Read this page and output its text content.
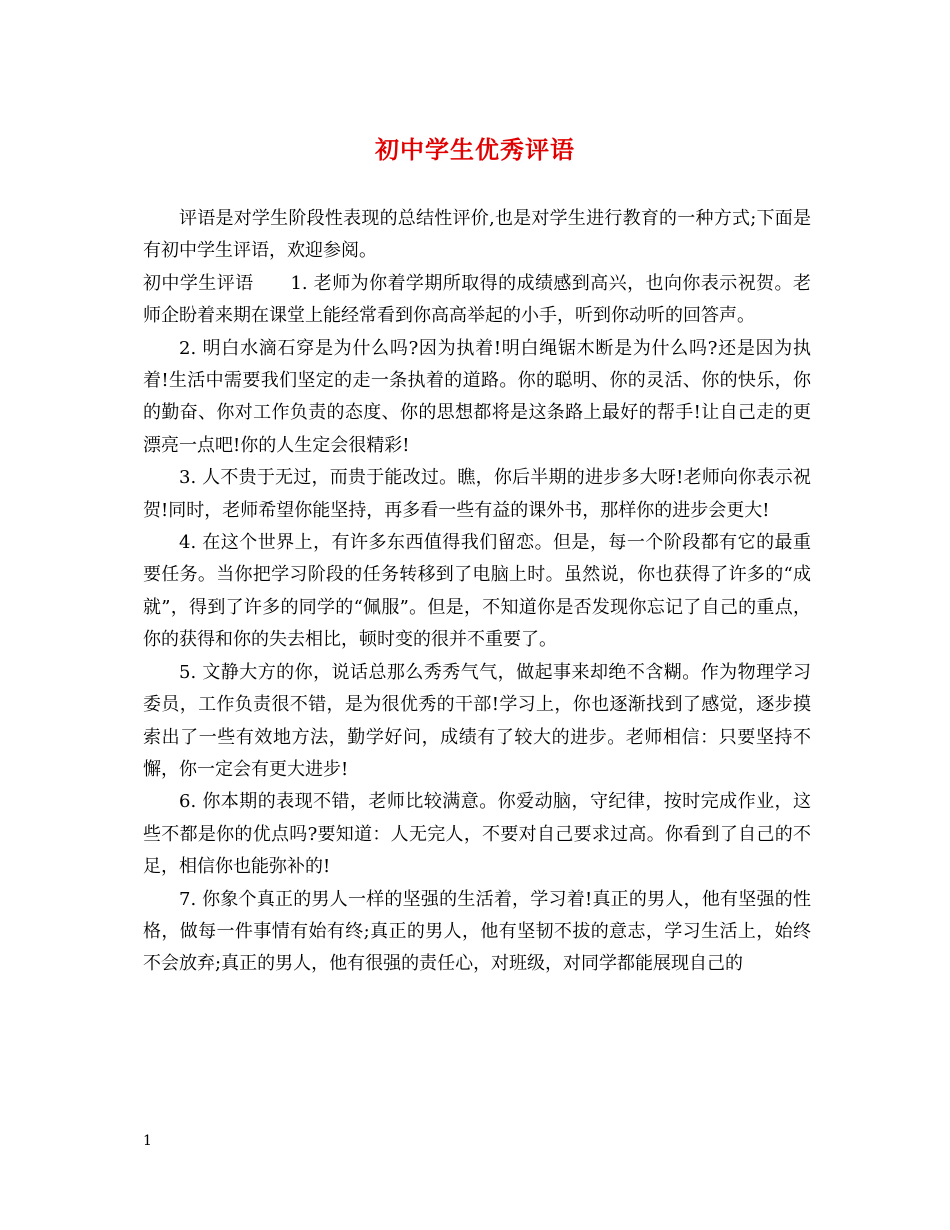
初中学生优秀评语

评语是对学生阶段性表现的总结性评价,也是对学生进行教育的一种方式;下面是有初中学生评语，欢迎参阅。

初中学生评语　　1. 老师为你着学期所取得的成绩感到高兴，也向你表示祝贺。老师企盼着来期在课堂上能经常看到你高高举起的小手，听到你动听的回答声。

2. 明白水滴石穿是为什么吗?因为执着!明白绳锯木断是为什么吗?还是因为执着!生活中需要我们坚定的走一条执着的道路。你的聪明、你的灵活、你的快乐，你的勤奋、你对工作负责的态度、你的思想都将是这条路上最好的帮手!让自己走的更漂亮一点吧!你的人生定会很精彩!

3. 人不贵于无过，而贵于能改过。瞧，你后半期的进步多大呀!老师向你表示祝贺!同时，老师希望你能坚持，再多看一些有益的课外书，那样你的进步会更大!

4. 在这个世界上，有许多东西值得我们留恋。但是，每一个阶段都有它的最重要任务。当你把学习阶段的任务转移到了电脑上时。虽然说，你也获得了许多的“成就”，得到了许多的同学的“佩服”。但是，不知道你是否发现你忘记了自己的重点，你的获得和你的失去相比，顿时变的很并不重要了。

5. 文静大方的你，说话总那么秀秀气气，做起事来却绝不含糊。作为物理学习委员，工作负责很不错，是为很优秀的干部!学习上，你也逐渐找到了感觉，逐步摸索出了一些有效地方法，勤学好问，成绩有了较大的进步。老师相信：只要坚持不懈，你一定会有更大进步!

6. 你本期的表现不错，老师比较满意。你爱动脑，守纪律，按时完成作业，这些不都是你的优点吗?要知道：人无完人，不要对自己要求过高。你看到了自己的不足，相信你也能弥补的!

7. 你象个真正的男人一样的坚强的生活着，学习着!真正的男人，他有坚强的性格，做每一件事情有始有终;真正的男人，他有坚韧不拔的意志，学习生活上，始终不会放弃;真正的男人，他有很强的责任心，对班级，对同学都能展现自己的

1
